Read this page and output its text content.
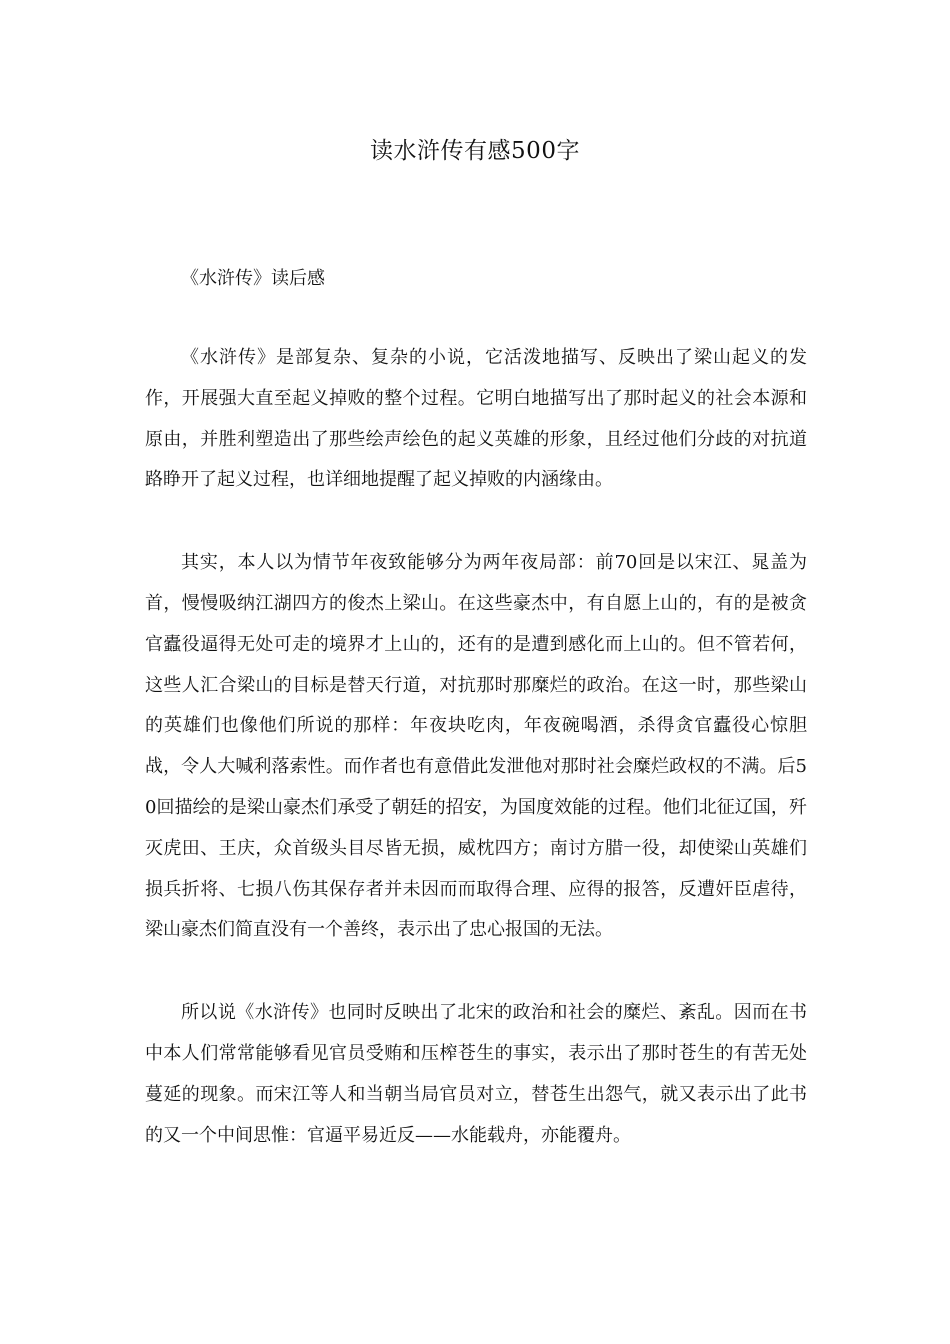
读水浒传有感500字

《水浒传》读后感

《水浒传》是部复杂、复杂的小说，它活泼地描写、反映出了梁山起义的发作，开展强大直至起义掉败的整个过程。它明白地描写出了那时起义的社会本源和原由，并胜利塑造出了那些绘声绘色的起义英雄的形象，且经过他们分歧的对抗道路睁开了起义过程，也详细地提醒了起义掉败的内涵缘由。

其实，本人以为情节年夜致能够分为两年夜局部：前70回是以宋江、晁盖为首，慢慢吸纳江湖四方的俊杰上梁山。在这些豪杰中，有自愿上山的，有的是被贪官蠹役逼得无处可走的境界才上山的，还有的是遭到感化而上山的。但不管若何，这些人汇合梁山的目标是替天行道，对抗那时那糜烂的政治。在这一时，那些梁山的英雄们也像他们所说的那样：年夜块吃肉，年夜碗喝酒，杀得贪官蠹役心惊胆战，令人大喊利落索性。而作者也有意借此发泄他对那时社会糜烂政权的不满。后50回描绘的是梁山豪杰们承受了朝廷的招安，为国度效能的过程。他们北征辽国，歼灭虎田、王庆，众首级头目尽皆无损，威枕四方；南讨方腊一役，却使梁山英雄们损兵折将、七损八伤其保存者并未因而而取得合理、应得的报答，反遭奸臣虐待，梁山豪杰们简直没有一个善终，表示出了忠心报国的无法。

所以说《水浒传》也同时反映出了北宋的政治和社会的糜烂、紊乱。因而在书中本人们常常能够看见官员受贿和压榨苍生的事实，表示出了那时苍生的有苦无处蔓延的现象。而宋江等人和当朝当局官员对立，替苍生出怨气，就又表示出了此书的又一个中间思惟：官逼平易近反——水能载舟，亦能覆舟。
